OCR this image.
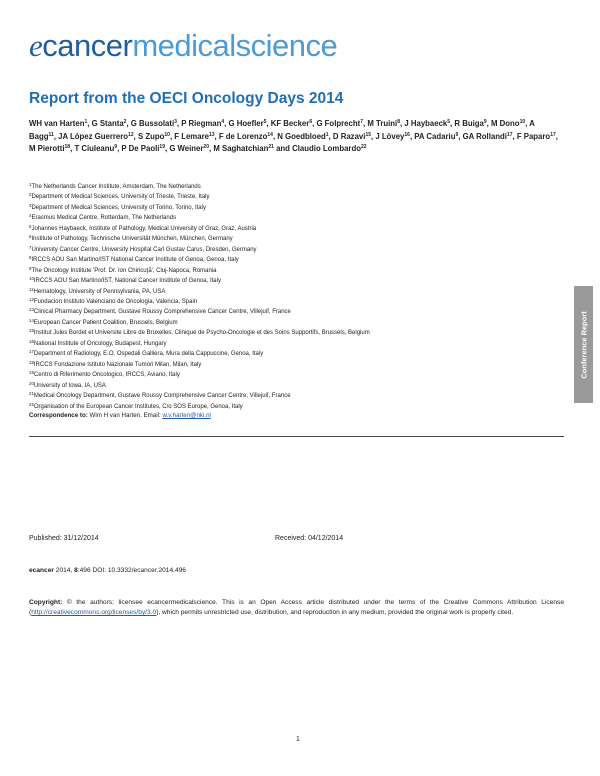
ecancermedicalscience
Report from the OECI Oncology Days 2014
WH van Harten$^1$, G Stanta$^2$, G Bussolati$^3$, P Riegman$^4$, G Hoefler$^5$, KF Becker$^6$, G Folprecht$^7$, M Truini$^8$, J Haybaeck$^5$, R Buiga$^9$, M Dono$^{10}$, A Bagg$^{11}$, JA López Guerrero$^{12}$, S Zupo$^{10}$, F Lemare$^{13}$, F de Lorenzo$^{14}$, N Goedbloed$^1$, D Razavi$^{15}$, J Lövey$^{16}$, PA Cadariu$^9$, GA Rollandi$^{17}$, F Paparo$^{17}$, M Pierotti$^{18}$, T Ciuleanu$^9$, P De Paoli$^{19}$, G Weiner$^{20}$, M Saghatchian$^{21}$ and Claudio Lombardo$^{22}$
$^1$The Netherlands Cancer Institute, Amsterdam, The Netherlands
$^2$Department of Medical Sciences, University of Trieste, Trieste, Italy
$^3$Department of Medical Sciences, University of Torino, Torino, Italy
$^4$Erasmus Medical Centre, Rotterdam, The Netherlands
$^5$Johannes Haybaeck, Institute of Pathology, Medical University of Graz, Graz, Austria
$^6$Institute of Pathology, Technische Universität München, München, Germany
$^7$University Cancer Centre, University Hospital Carl Gustav Carus, Dresden, Germany
$^8$IRCCS AOU San Martino/IST National Cancer Institute of Genoa, Genoa, Italy
$^9$The Oncology Institute 'Prof. Dr. Ion Chiricuţă', Cluj-Napoca, Romania
$^{10}$IRCCS AOU San Martino/IST, National Cancer Institute of Genoa, Italy
$^{11}$Hematology, University of Pennsylvania, PA, USA
$^{12}$Fundacion Instituto Valenciano de Oncologia, Valencia, Spain
$^{13}$Clinical Pharmacy Department, Gustave Roussy Comprehensive Cancer Centre, Villejuif, France
$^{14}$European Cancer Patient Coalition, Brussels, Belgium
$^{15}$Institut Jules Bordet et Universite Libre de Bruxelles, Clinique de Psycho-Oncologie et des Soins Supportifs, Brussels, Belgium
$^{16}$National Institute of Oncology, Budapest, Hungary
$^{17}$Department of Radiology, E.O. Ospedali Galliera, Mura della Cappuccine, Genoa, Italy
$^{18}$IRCCS Fondazione Istituto Nazionale Tumori Milan, Milan, Italy
$^{19}$Centro di Riferimento Oncologico, IRCCS, Aviano, Italy
$^{20}$University of Iowa, IA, USA
$^{21}$Medical Oncology Department, Gustave Roussy Comprehensive Cancer Centre, Villejuif, France
$^{22}$Organisation of the European Cancer Institutes, C/o SOS Europe, Genoa, Italy
Correspondence to: Wim H van Harten. Email: w.v.harten@nki.nl
Published: 31/12/2014	Received: 04/12/2014
ecancer 2014, 8:496 DOI: 10.3332/ecancer.2014.496
Copyright: © the authors; licensee ecancermedicalscience. This is an Open Access article distributed under the terms of the Creative Commons Attribution License (http://creativecommons.org/licenses/by/3.0), which permits unrestricted use, distribution, and reproduction in any medium, provided the original work is properly cited.
1
Conference Report
